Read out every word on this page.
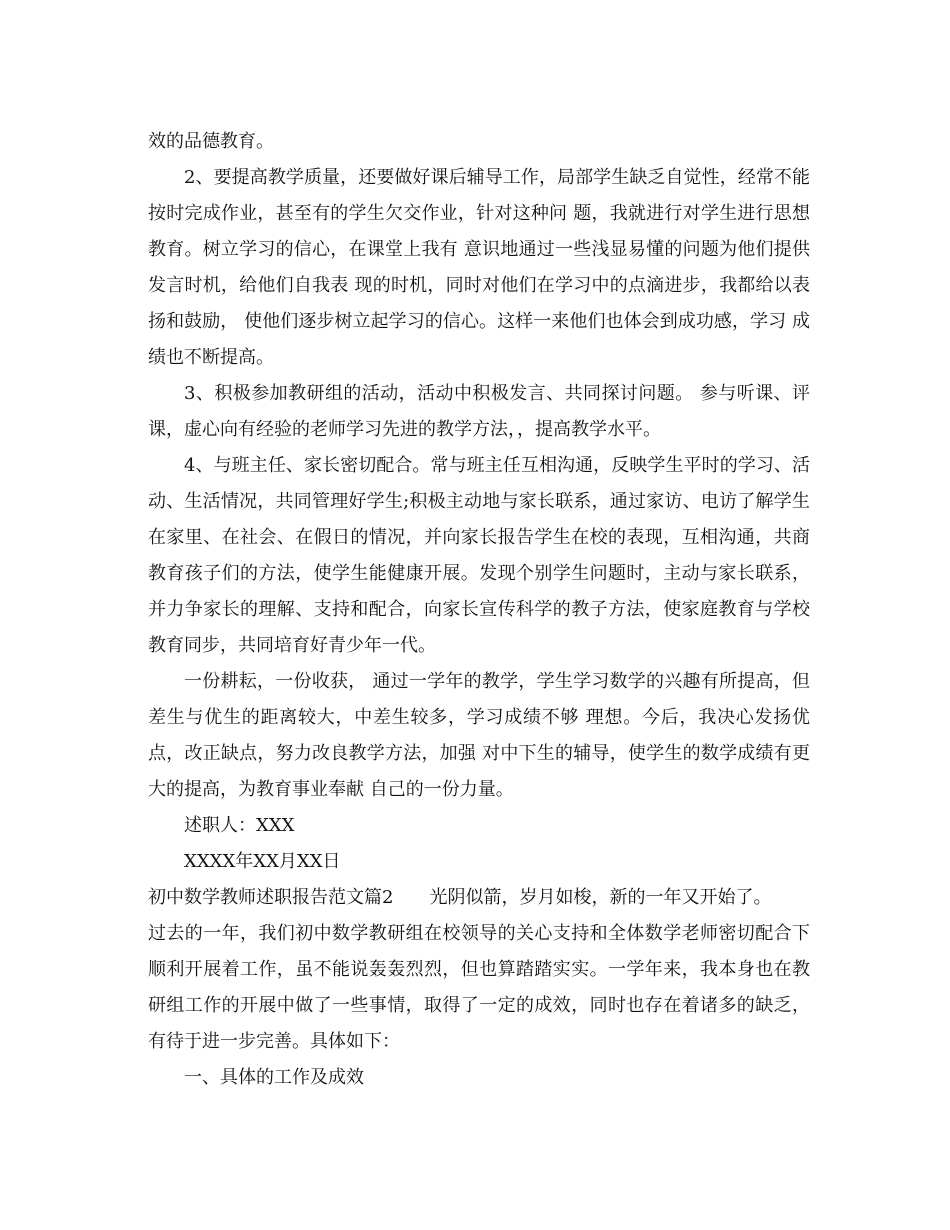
效的品德教育。

2、要提高教学质量，还要做好课后辅导工作，局部学生缺乏自觉性，经常不能按时完成作业，甚至有的学生欠交作业，针对这种问 题，我就进行对学生进行思想教育。树立学习的信心，在课堂上我有 意识地通过一些浅显易懂的问题为他们提供发言时机，给他们自我表 现的时机，同时对他们在学习中的点滴进步，我都给以表扬和鼓励， 使他们逐步树立起学习的信心。这样一来他们也体会到成功感，学习 成绩也不断提高。

3、积极参加教研组的活动，活动中积极发言、共同探讨问题。 参与听课、评课，虚心向有经验的老师学习先进的教学方法，，提高教学水平。

4、与班主任、家长密切配合。常与班主任互相沟通，反映学生平时的学习、活动、生活情况，共同管理好学生;积极主动地与家长联系，通过家访、电访了解学生在家里、在社会、在假日的情况，并向家长报告学生在校的表现，互相沟通，共商教育孩子们的方法，使学生能健康开展。发现个别学生问题时，主动与家长联系，并力争家长的理解、支持和配合，向家长宣传科学的教子方法，使家庭教育与学校教育同步，共同培育好青少年一代。

一份耕耘，一份收获， 通过一学年的教学，学生学习数学的兴趣有所提高，但差生与优生的距离较大，中差生较多，学习成绩不够 理想。今后，我决心发扬优点，改正缺点，努力改良教学方法，加强 对中下生的辅导，使学生的数学成绩有更大的提高，为教育事业奉献 自己的一份力量。

述职人：XXX

XXXX年XX月XX日

初中数学教师述职报告范文篇2 光阴似箭，岁月如梭，新的一年又开始了。

过去的一年，我们初中数学教研组在校领导的关心支持和全体数学老师密切配合下顺利开展着工作，虽不能说轰轰烈烈，但也算踏踏实实。一学年来，我本身也在教研组工作的开展中做了一些事情，取得了一定的成效，同时也存在着诸多的缺乏，有待于进一步完善。具体如下：

一、具体的工作及成效
